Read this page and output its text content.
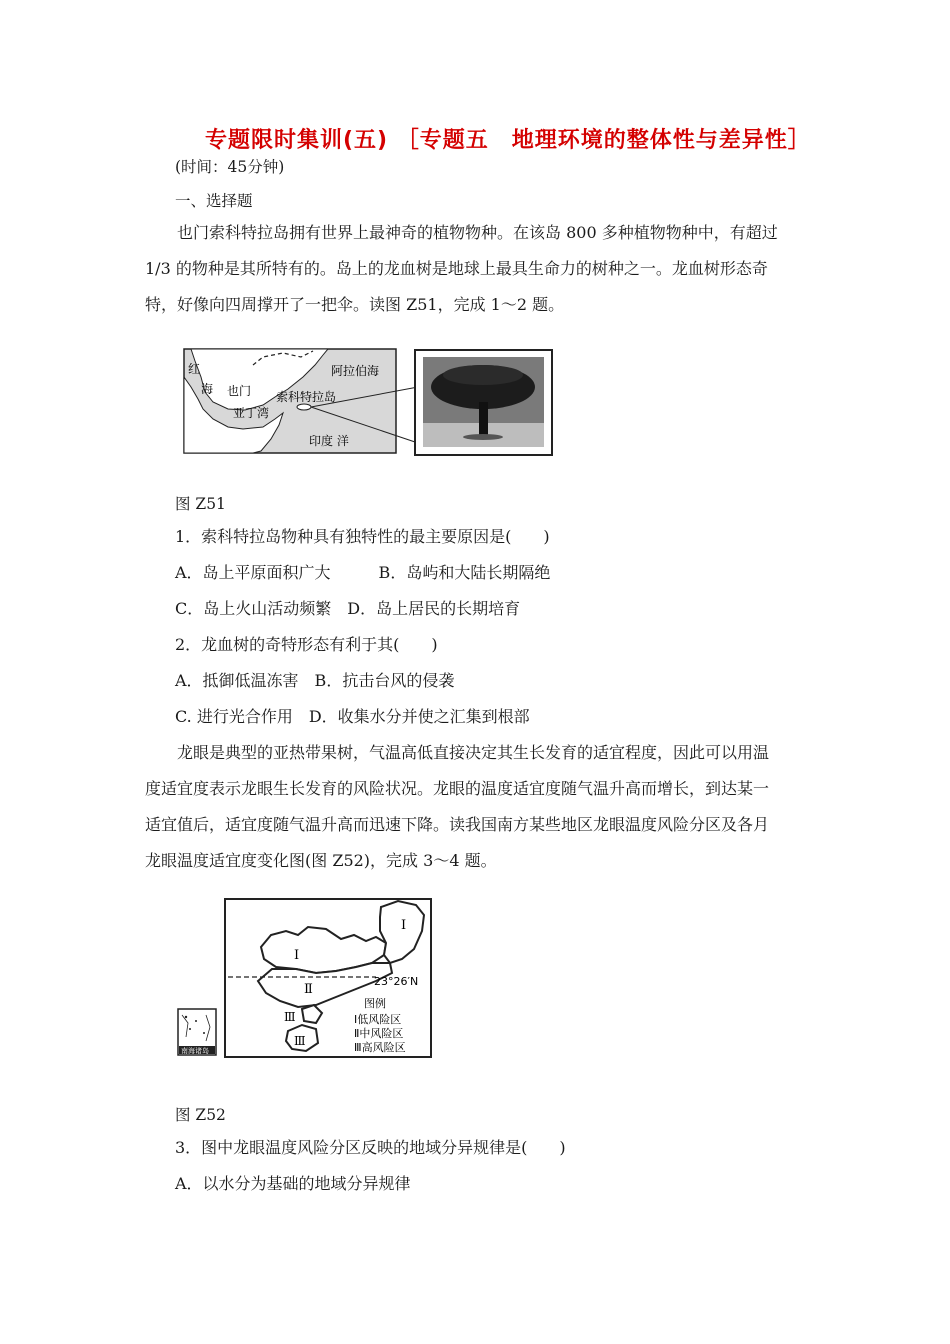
专题限时集训(五) ［专题五　地理环境的整体性与差异性］
(时间：45分钟)
一、选择题

也门索科特拉岛拥有世界上最神奇的植物物种。在该岛 800 多种植物物种中，有超过

1/3 的物种是其所特有的。岛上的龙血树是地球上最具生命力的树种之一。龙血树形态奇

特，好像向四周撑开了一把伞。读图 Z51，完成 1～2 题。

红
海 也门
阿拉伯海
索科特拉岛
亚丁湾
印度 洋
图 Z51

1．索科特拉岛物种具有独特性的最主要原因是(　　)

A．岛上平原面积广大　　　B．岛屿和大陆长期隔绝

C．岛上火山活动频繁　D．岛上居民的长期培育

2．龙血树的奇特形态有利于其(　　)

A．抵御低温冻害　B．抗击台风的侵袭

C. 进行光合作用　D．收集水分并使之汇集到根部

龙眼是典型的亚热带果树，气温高低直接决定其生长发育的适宜程度，因此可以用温

度适宜度表示龙眼生长发育的风险状况。龙眼的温度适宜度随气温升高而增长，到达某一

适宜值后，适宜度随气温升高而迅速下降。读我国南方某些地区龙眼温度风险分区及各月

龙眼温度适宜度变化图(图 Z52)，完成 3～4 题。

Ⅰ
Ⅰ
Ⅱ
Ⅲ
Ⅲ
23°26′N
图例
Ⅰ低风险区
Ⅱ中风险区
Ⅲ高风险区
南海诸岛
图 Z52

3．图中龙眼温度风险分区反映的地域分异规律是(　　)

A．以水分为基础的地域分异规律
